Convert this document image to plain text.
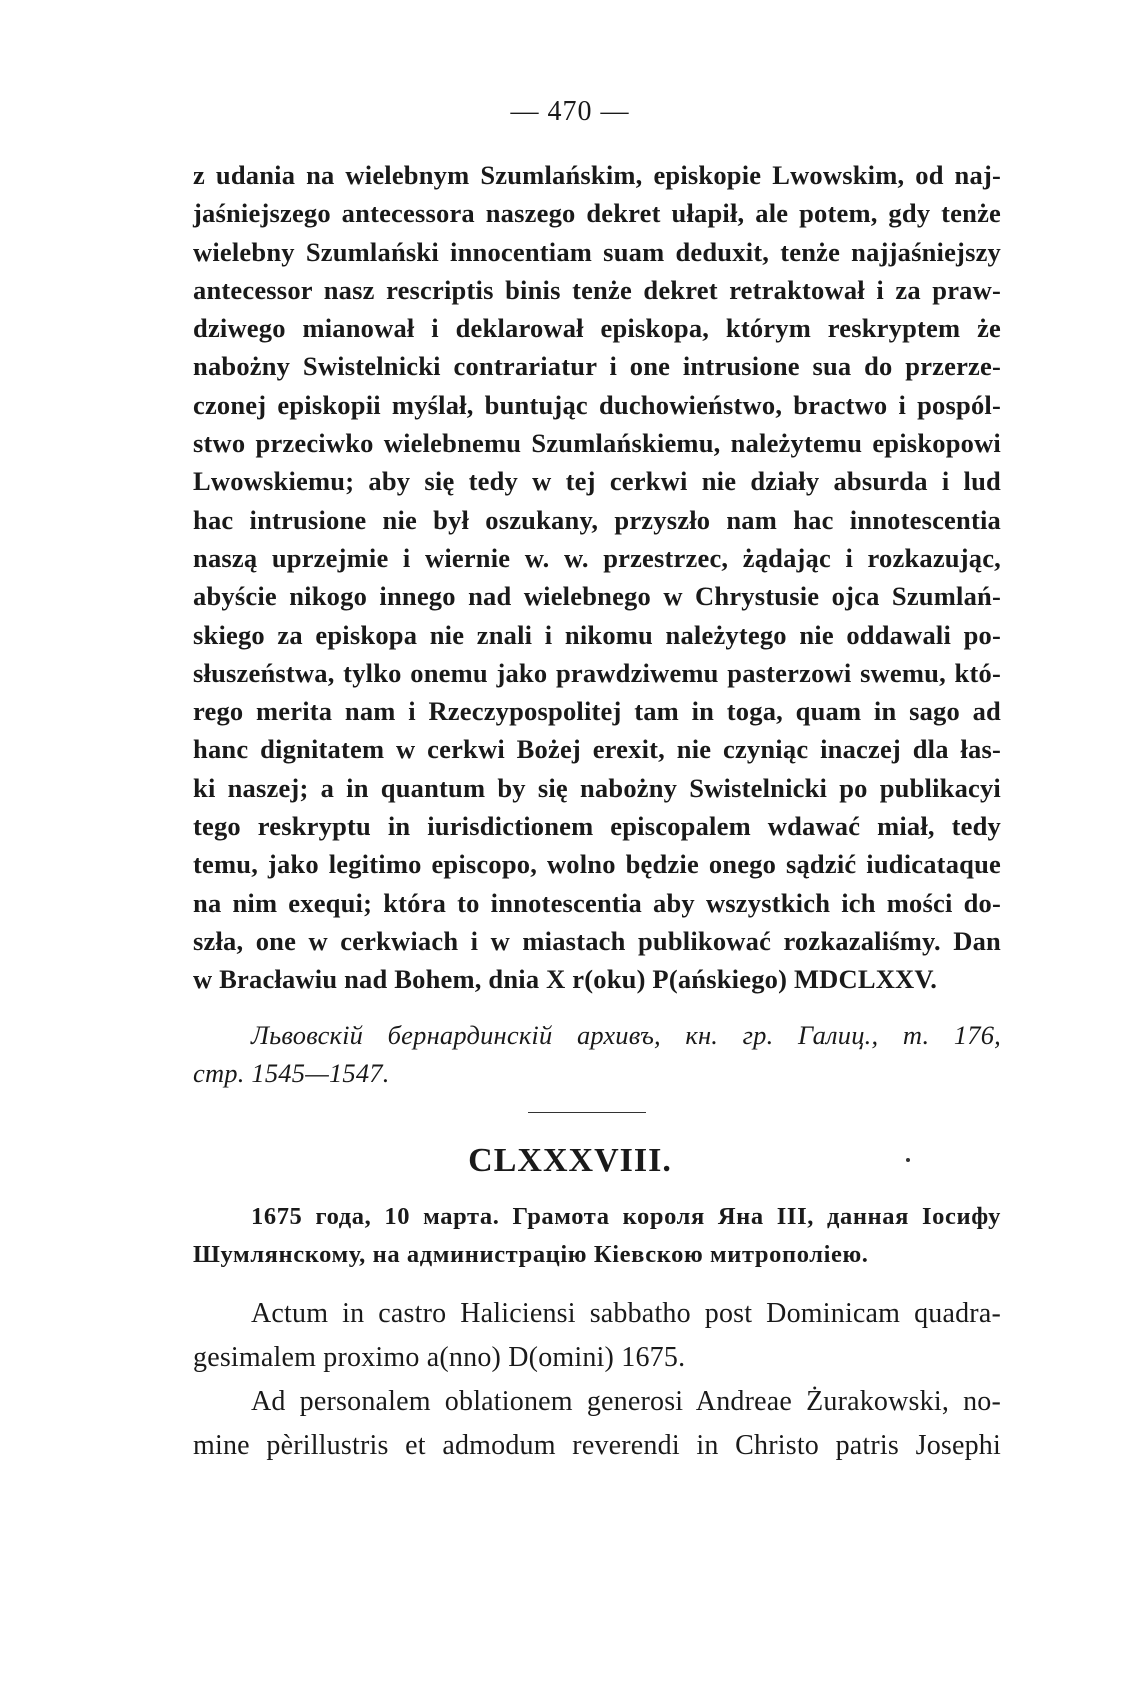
— 470 —
z udania na wielebnym Szumlańskim, episkopie Lwowskim, od naj-
jaśniejszego antecessora naszego dekret ułapił, ale potem, gdy tenże
wielebny Szumlański innocentiam suam deduxit, tenże najjaśniejszy
antecessor nasz rescriptis binis tenże dekret retraktował i za praw-
dziwego mianował i deklarował episkopa, którym reskryptem że
nabożny Swistelnicki contrariatur i one intrusione sua do przerze-
czonej episkopii myślał, buntując duchowieństwo, bractwo i pospól-
stwo przeciwko wielebnemu Szumlańskiemu, należytemu episkopowi
Lwowskiemu; aby się tedy w tej cerkwi nie działy absurda i lud
hac intrusione nie był oszukany, przyszło nam hac innotescentia
naszą uprzejmie i wiernie w. w. przestrzec, żądając i rozkazując,
abyście nikogo innego nad wielebnego w Chrystusie ojca Szumlań-
skiego za episkopa nie znali i nikomu należytego nie oddawali po-
słuszeństwa, tylko onemu jako prawdziwemu pasterzowi swemu, któ-
rego merita nam i Rzeczypospolitej tam in toga, quam in sago ad
hanc dignitatem w cerkwi Bożej erexit, nie czyniąc inaczej dla łas-
ki naszej; a in quantum by się nabożny Swistelnicki po publikacyi
tego reskryptu in iurisdictionem episcopalem wdawać miał, tedy
temu, jako legitimo episcopo, wolno będzie onego sądzić iudicataque
na nim exequi; która to innotescentia aby wszystkich ich mości do-
szła, one w cerkwiach i w miastach publikować rozkazaliśmy. Dan
w Bracławiu nad Bohem, dnia X r(oku) P(ańskiego) MDCLXXV.
Львовскій бернардинскій архивъ, кн. гр. Галиц., т. 176,
стр. 1545—1547.
CLXXXVIII.
1675 года, 10 марта. Грамота короля Яна III, данная Іосифу
Шумлянскому, на администрацію Кіевскою митрополіею.
Actum in castro Haliciensi sabbatho post Dominicam quadra-
gesimalem proximo a(nno) D(omini) 1675.
Ad personalem oblationem generosi Andreae Żurakowski, no-
mine pèrillustris et admodum reverendi in Christo patris Josephi
